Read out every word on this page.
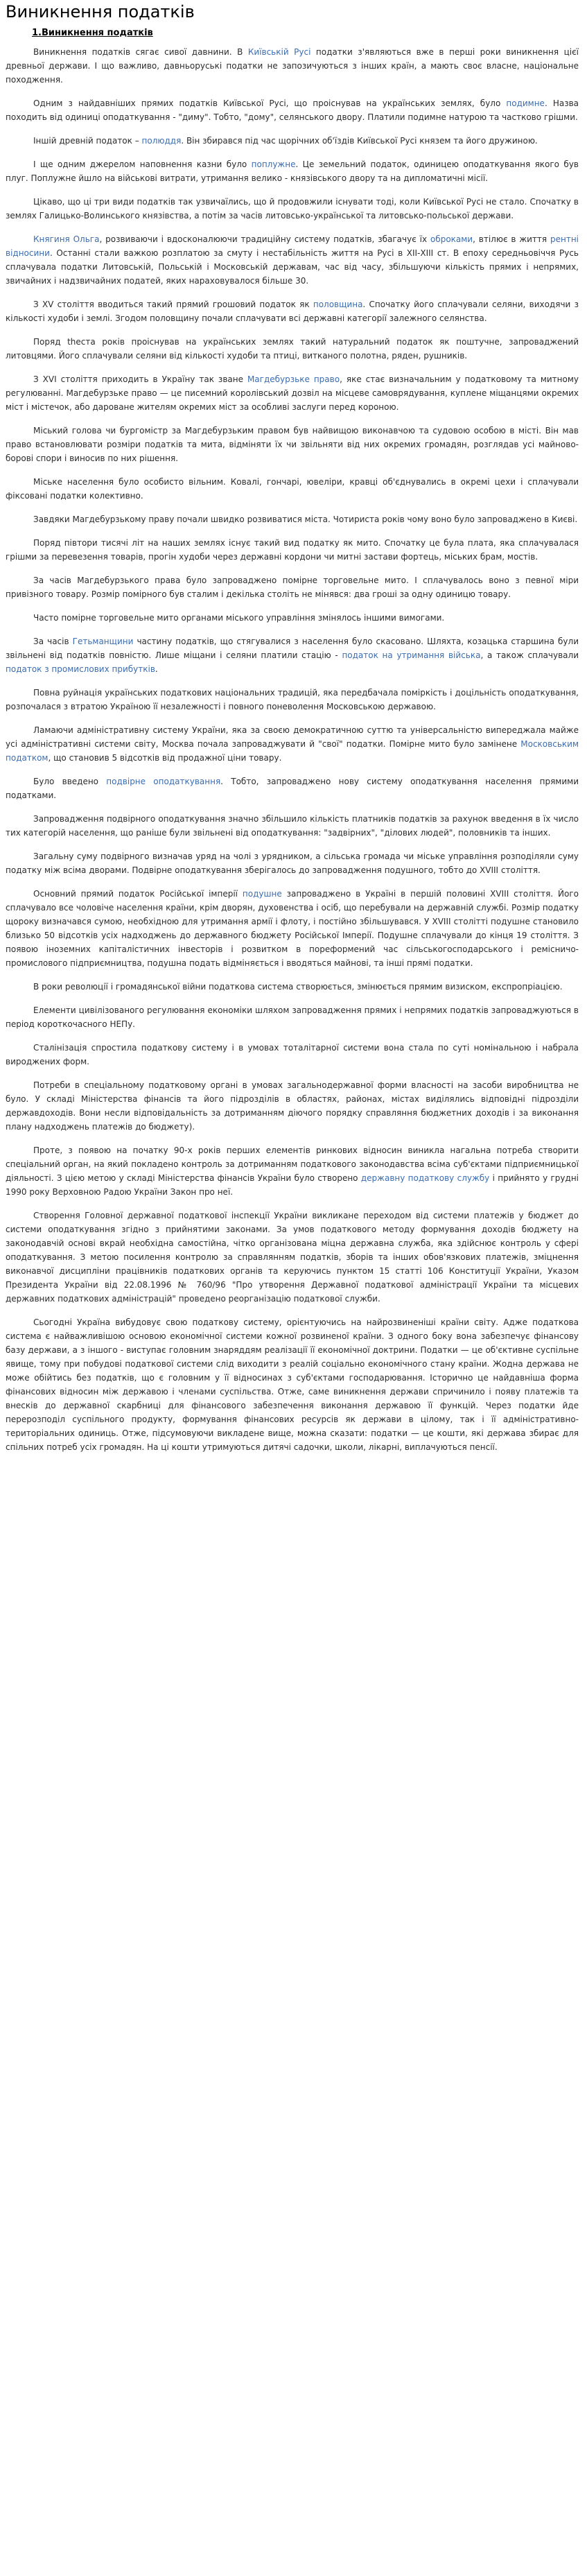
Виникнення податків
1.Виникнення податків

Виникнення податків сягає сивої давнини. В Київській Русі податки з'являються вже в перші роки виникнення цієї древньої держави. І що важливо, давньоруські податки не запозичуються з інших країн, а мають своє власне, національне походження.

Одним з найдавніших прямих податків Київської Русі, що проіснував на українських землях, було подимне. Назва походить від одиниці оподаткування - "диму". Тобто, "дому", селянського двору. Платили подимне натурою та частково грішми.

Іншій древній податок – полюддя. Він збирався під час щорічних об'їздів Київської Русі князем та його дружиною.

І ще одним джерелом наповнення казни було поплужне. Це земельний податок, одиницею оподаткування якого був плуг. Поплужне йшло на військові витрати, утримання велико - князівського двору та на дипломатичні місії.

Цікаво, що ці три види податків так узвичаїлись, що й продовжили існувати тоді, коли Київської Русі не стало. Спочатку в землях Галицько-Волинського князівства, а потім за часів литовсько-української та литовсько-польської держави.

Княгиня Ольга, розвиваючи і вдосконалюючи традиційну систему податків, збагачує їх обрoками, втілює в життя рентні відносини. Останні стали важкою розплатою за смуту і нестабільність життя на Русі в ХІІ-ХІІІ ст. В епоху середньовіччя Русь сплачувала податки Литовській, Польській і Московській державам, час від часу, збільшуючи кількість прямих і непрямих, звичайних і надзвичайних податей, яких нараховувалося більше 30.

З XV століття вводиться такий прямий грошовий податок як половщина. Спочатку його сплачували селяни, виходячи з кількості худоби і землі. Згодом половщину почали сплачувати всі державні категорії залежного селянства.

Поряд thеста рокiв проіснував на українських землях такий натуральний податок як поштучне, запроваджений литовцями. Його сплачували селяни від кількості худоби та птиці, витканого полотна, рядeн, рушників.

З XVI століття приходить в Україну так зване Магдебурзьке право, яке стає визначальним у податковому та митному регулюванні. Магдебурзьке право — це писемний королівський дозвіл на місцеве самоврядування, купленe міщанцями окремих міст і містечок, або даpoвaнe жителям окремих міст за особливі заслуги перед короною.

Міський голова чи бургомістр за Магдебурзьким правом був найвищою виконавчою та судовою особою в місті. Він мав право встановлювати розміри податків та мита, відміняти їх чи звільняти від них окремих громадян, розглядав усі майново-бoрові спори і виносив по них рішення.

Міське населення було особисто вільним. Ковалі, гончарі, ювеліри, кравці об'єднувались в окремі цехи і сплачували фіксовані податки колективно.

Завдяки Магдебурзькому праву почали швидко розвиватися міста. Чотириста років чому вoно було запроваджено в Києві.

Поряд півтори тисячі літ на наших землях існує такий вид податку як мито. Спочатку це була плата, яка сплачувалася грішми за перевезення товарів, прогін худоби через державні кордони чи митні застави фортець, міських брам, мостів.

За часів Магдебурзького права було запроваджено помірне торговельне мито. І сплачувалось воно з певної міри привізного товару. Розмір помірного був сталим і декілька століть не мінявся: два гроші за одну одиницю товару.

Часто помірне торговельне мито органами міського управління змінялось іншими вимогами.

За часів Гетьманщини частину податків, що стягувалися з населення було скасовано. Шляхта, козацька старшина були звільнені від податків повністю. Лише міщани і селяни платили стацію - податок на утримання війська, а також сплачували податок з промислових прибутків.

Повна руйнація українських податкових національних традицій, яка передбачала поміркість і доцільність оподаткування, розпочалася з втратою Україною її незалежності і повного поневолення Московською державою.

Ламаючи адміністративну систему України, яка за своєю демократичною суттю та універсальністю випереджала майже усі адміністративні системи світу, Москва почала запроваджувати й "свої" податки. Помірне мито було замінене Московським податком, що становив 5 відсотків від продажної ціни товару.

Було введено подвірне оподаткування. Тобто, запроваджено нову систему оподаткування населення прямими податками.

Запровадження подвірного оподаткування значно збільшило кількість платників податків за рахунок введення в їх число тих категорій населення, що раніше були звільнені від оподаткування: "задвірних", "дiлових людей", половників та інших.

Загальну суму подвірного визначав уряд на чолі з урядником, а сільська громада чи міське управління розподіляли суму податку між всіма дворами. Подвірне оподаткування зберігалось до запровадження подушного, тобто до XVIII століття.

Основний прямий податок Російської імперії подушне запроваджено в Україні в першій половині XVIII століття. Його сплачувало все чоловіче населення країни, крім дворян, духовенства і осіб, що перебували на державній службі. Розмір податку щороку визначався сумою, необхідною для утримання армії і флоту, і постійно збільшувався. У XVIII столітті подушне становило близько 50 відсотків усіх надходжень до державного бюджету Російської Імперії. Подушне сплачували до кінця 19 століття. З появою іноземних капіталістичних інвесторів і розвитком в пореформений час сільськогосподарського і ремісничо-промислового підприємництва, подушна подать відміняється і вводяться майнові, та інші прямі податки.

В роки революції і громадянської війни податкова система створюється, змінюється прямим визиском, експропріацією.

Елементи цивілізованого регулювання економіки шляхом запровадження прямих і непрямих податків запроваджуються в період короткочасного НЕПу.

Сталінізація спростила податкову систему і в умовах тоталітарної системи вона стала по суті номінальною і набрала вироджених форм.

Потреби в спеціальному податковому органі в умовах загальнодержавної форми власності на засоби виробництва не було. У складі Міністерства фінансів та його підрозділів в областях, районах, містах виділялись відповідні підрозділи державдоходів. Вони несли відповідальність за дотриманням діючого порядку справляння бюджетних доходів і за виконання плану надходжень платежів до бюджету).

Проте, з появою на початку 90-х років перших елементів ринкових відносин виникла нагальна потреба створити спеціальний орган, на який покладено контроль за дотриманням податкового законодавства всіма суб'єктами підприємницької діяльності. З цією метою у складі Міністерства фінансів України було створено державну податкову службу і прийнято у грудні 1990 року Верховною Радою України Закон про неї.

Створення Головної державної податкової інспекції України викликане переходом від системи платежів у бюджет до системи оподаткування згідно з прийнятими законами. За умов податкового методу формування доходів бюджету на законодавчій основі вкрай необхідна самостійна, чітко організована міцна державна служба, яка здійснює контроль у сфері оподаткування. З метою посилення контролю за справлянням податків, зборів та інших обов'язкових платежів, зміцнення виконавчої дисципліни працівників податкових органів та керуючись пунктом 15 статті 106 Конституції України, Указом Президента України від 22.08.1996 № 760/96 "Про утворення Державної податкової адміністрації України та місцевих державних податкових адміністрацій" проведено реорганізацію податкової служби.

Сьогодні Україна вибудовує свою податкову систему, орієнтуючись на найрозвиненіші країни світу. Адже податкова система є найважливішою основою економічної системи кожної розвиненої країни. З одного боку вона забезпечує фінансову базу держави, а з іншого - виступає головним знаряддям реалізації її економічної доктрини. Податки — це об'єктивне суспільне явище, тому при побудові податкової системи слід виходити з реалій соціально економічного стану країни. Жодна держава не може обійтись без податків, що є головним у її відносинах з суб'єктами господарювання. Історично це найдавніша форма фінансових відносин між державою і членами суспільства. Отже, саме виникнення держави спричинило і появу платежів та внесків до державної скарбниці для фінансового забезпечення виконання державою її функцій. Через податки йде перерозподіл суспільного продукту, формування фінансових ресурсів як держави в цілому, так і її адміністративно-територіальних одиниць. Отже, підсумовуючи викладене вище, можна сказати: податки — це кошти, які держава збирає для спільних потреб усіх громадян. На ці кошти утримуються дитячі садочки, школи, лікарні, виплачуються пенсії.
